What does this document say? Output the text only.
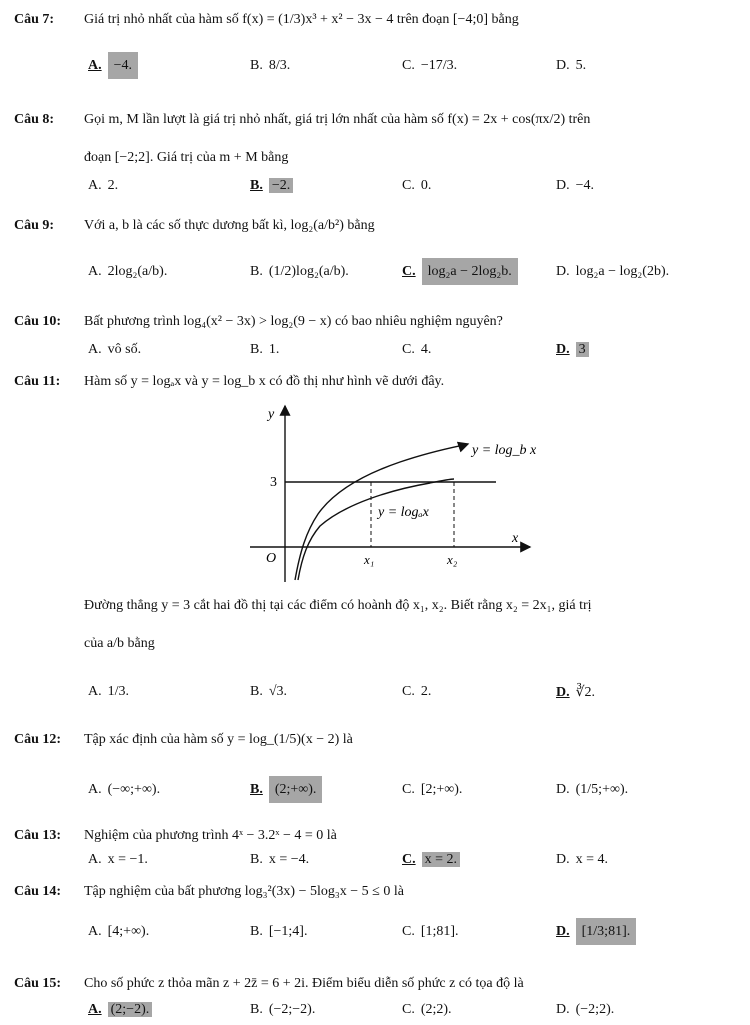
Câu 7: Giá trị nhỏ nhất của hàm số f(x) = (1/3)x³ + x² − 3x − 4 trên đoạn [−4;0] bằng
A. −4.	B. 8/3.	C. −17/3.	D. 5.
Câu 8: Gọi m, M lần lượt là giá trị nhỏ nhất, giá trị lớn nhất của hàm số f(x) = 2x + cos(πx/2) trên
đoạn [−2;2]. Giá trị của m + M bằng
A. 2.	B. −2.	C. 0.	D. −4.
Câu 9: Với a, b là các số thực dương bất kì, log₂(a/b²) bằng
A. 2log₂(a/b).	B. (1/2)log₂(a/b).	C. log₂a − 2log₂b.	D. log₂a − log₂(2b).
Câu 10: Bất phương trình log₄(x² − 3x) > log₂(9 − x) có bao nhiêu nghiệm nguyên?
A. vô số.	B. 1.	C. 4.	D. 3
Câu 11: Hàm số y = logₐx và y = log_b x có đồ thị như hình vẽ dưới đây.
y
x
O
3
x₁	x₂
y = log_b x
y = logₐx
Đường thẳng y = 3 cắt hai đồ thị tại các điểm có hoành độ x₁, x₂. Biết rằng x₂ = 2x₁, giá trị
của a/b bằng
A. 1/3.	B. √3.	C. 2.	D. ∛2.
Câu 12: Tập xác định của hàm số y = log_(1/5)(x − 2) là
A. (−∞;+∞).	B. (2;+∞).	C. [2;+∞).	D. (1/5;+∞).
Câu 13: Nghiệm của phương trình 4ˣ − 3.2ˣ − 4 = 0 là
A. x = −1.	B. x = −4.	C. x = 2.	D. x = 4.
Câu 14: Tập nghiệm của bất phương log₃²(3x) − 5log₃x − 5 ≤ 0 là
A. [4;+∞).	B. [−1;4].	C. [1;81].	D. [1/3;81].
Câu 15: Cho số phức z thỏa mãn z + 2z̄ = 6 + 2i. Điểm biểu diễn số phức z có tọa độ là
A. (2;−2).	B. (−2;−2).	C. (2;2).	D. (−2;2).
